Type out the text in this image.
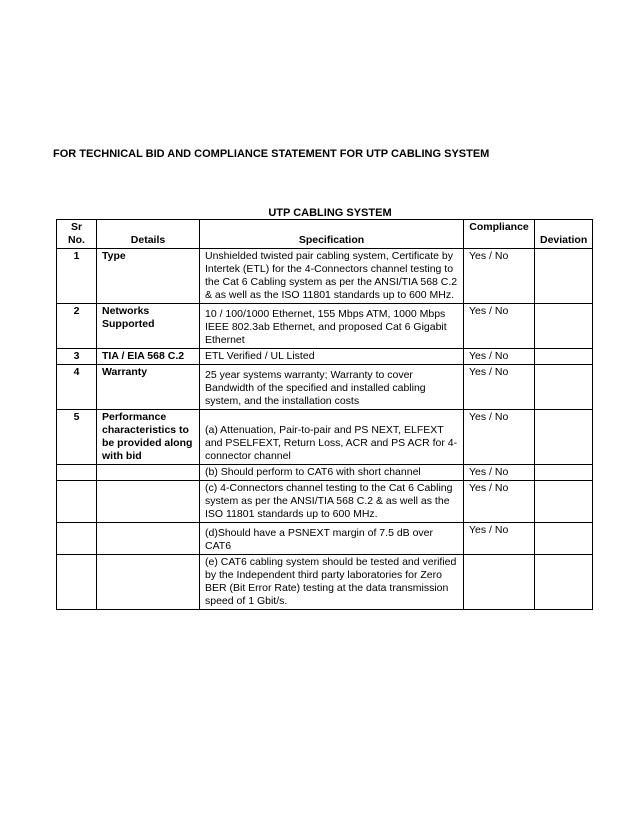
FOR TECHNICAL BID AND COMPLIANCE STATEMENT FOR UTP CABLING SYSTEM
UTP CABLING SYSTEM
Sr No.	Details	Specification	Compliance	Deviation
1	Type	Unshielded twisted pair cabling system, Certificate by Intertek (ETL) for the 4-Connectors channel testing to the Cat 6 Cabling system as per the ANSI/TIA 568 C.2 & as well as the ISO 11801 standards up to 600 MHz.	Yes / No	
2	Networks Supported	10 / 100/1000 Ethernet, 155 Mbps ATM, 1000 Mbps IEEE 802.3ab Ethernet, and proposed Cat 6 Gigabit Ethernet	Yes / No	
3	TIA / EIA 568 C.2	ETL Verified / UL Listed	Yes / No	
4	Warranty	25 year systems warranty; Warranty to cover Bandwidth of the specified and installed cabling system, and the installation costs	Yes / No	
5	Performance characteristics to be provided along with bid	(a) Attenuation, Pair-to-pair and PS NEXT, ELFEXT and PSELFEXT, Return Loss, ACR and PS ACR for 4-connector channel	Yes / No	
		(b) Should perform to CAT6 with short channel	Yes / No	
		(c) 4-Connectors channel testing to the Cat 6 Cabling system as per the ANSI/TIA 568 C.2 & as well as the ISO 11801 standards up to 600 MHz.	Yes / No	
		(d)Should have a PSNEXT margin of 7.5 dB over CAT6	Yes / No	
		(e) CAT6 cabling system should be tested and verified by the Independent third party laboratories for Zero BER (Bit Error Rate) testing at the data transmission speed of 1 Gbit/s.		
